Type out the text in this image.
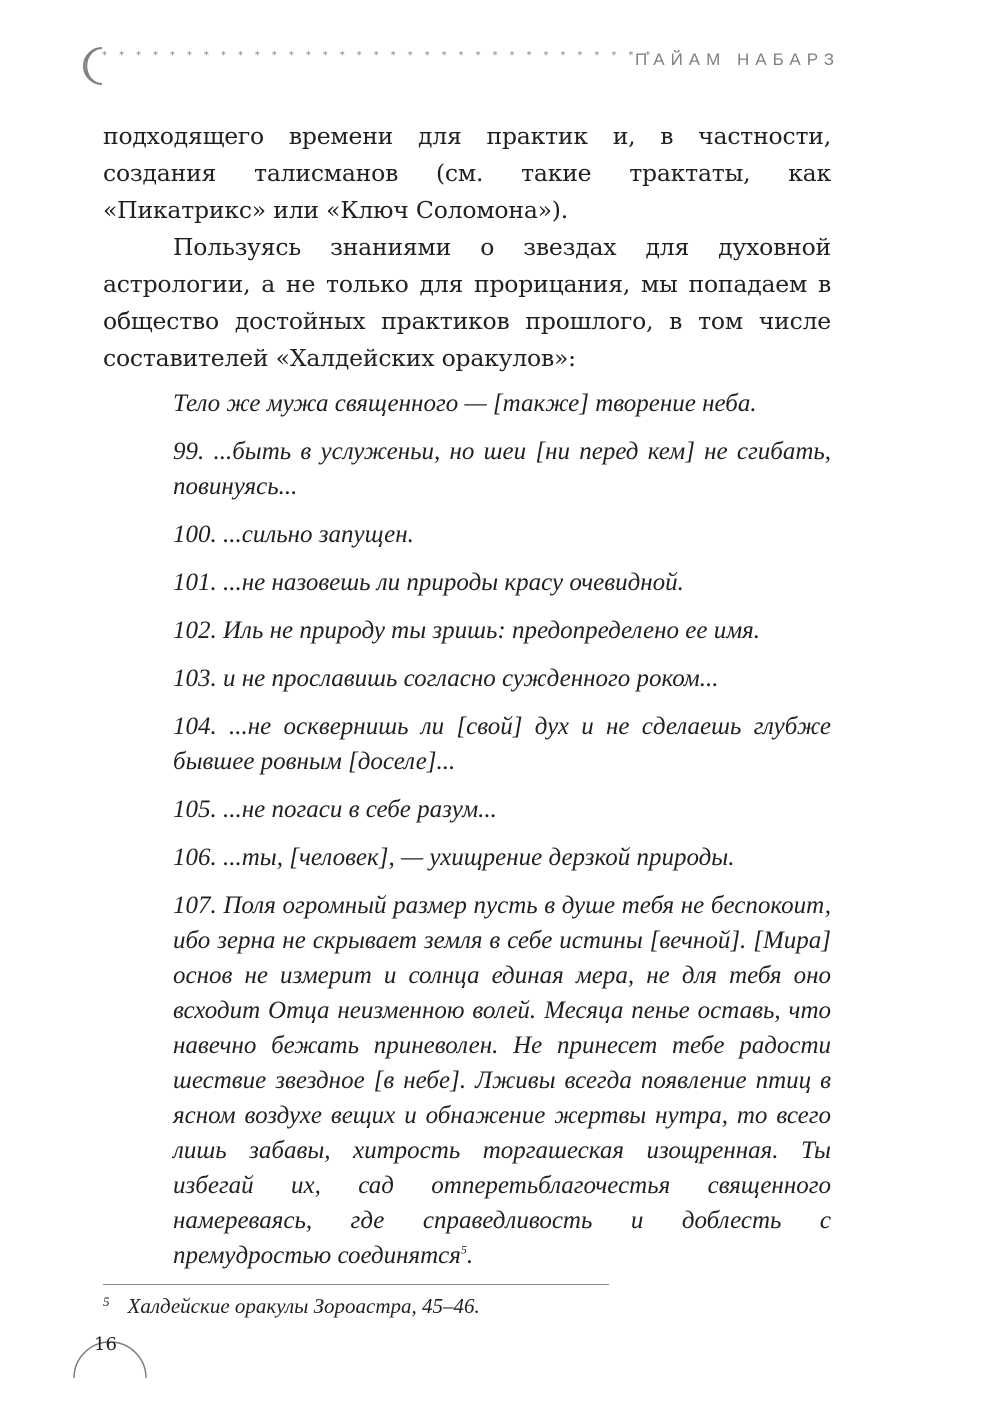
* * * * * * * * * * * * * * * * * * * * * * * * * * * * * * * * *
ПАЙАМ НАБАРЗ

подходящего времени для практик и, в частности, создания талисманов (см. такие трактаты, как «Пикатрикс» или «Ключ Соломона»).

Пользуясь знаниями о звездах для духовной астрологии, а не только для прорицания, мы попадаем в общество достойных практиков прошлого, в том числе составителей «Халдейских оракулов»:

Тело же мужа священного — [также] творение неба.

99. ...быть в услуженьи, но шеи [ни перед кем] не сгибать, повинуясь...

100. ...сильно запущен.

101. ...не назовешь ли природы красу очевидной.

102. Иль не природу ты зришь: предопределено ее имя.

103. и не прославишь согласно сужденного роком...

104. ...не осквернишь ли [свой] дух и не сделаешь глубже бывшее ровным [доселе]...

105. ...не погаси в себе разум...

106. ...ты, [человек], — ухищрение дерзкой природы.

107. Поля огромный размер пусть в душе тебя не беспокоит, ибо зерна не скрывает земля в себе истины [вечной]. [Мира] основ не измерит и солнца единая мера, не для тебя оно всходит Отца неизменною волей. Месяца пенье оставь, что навечно бежать приневолен. Не принесет тебе радости шествие звездное [в небе]. Лживы всегда появление птиц в ясном воздухе вещих и обнажение жертвы нутра, то всего лишь забавы, хитрость торгашеская изощренная. Ты избегай их, сад отперетьблагочестья священного намереваясь, где справедливость и доблесть с премудростью соединятся$^5$.

$^5$ Халдейские оракулы Зороастра, 45–46.
16
